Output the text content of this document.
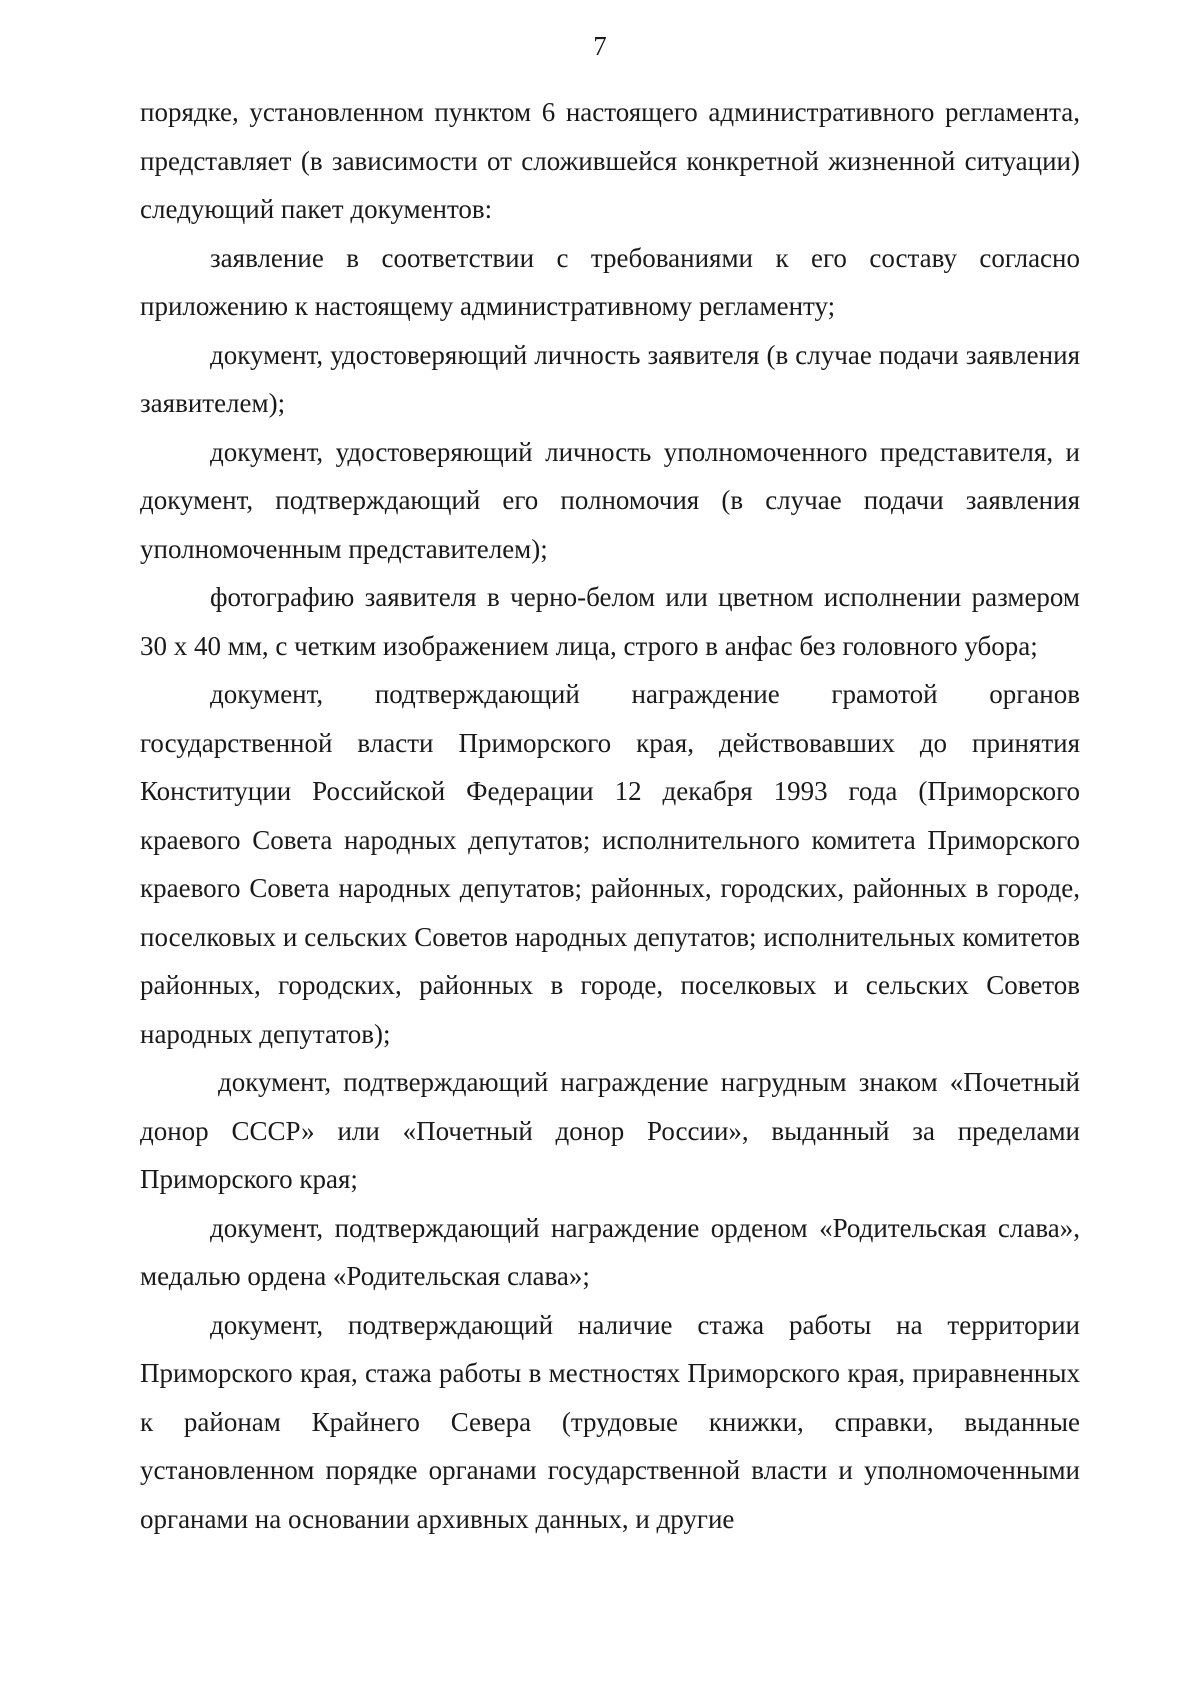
7

порядке, установленном пунктом 6 настоящего административного регламента, представляет (в зависимости от сложившейся конкретной жизненной ситуации) следующий пакет документов:

заявление в соответствии с требованиями к его составу согласно приложению к настоящему административному регламенту;

документ, удостоверяющий личность заявителя (в случае подачи заявления заявителем);

документ, удостоверяющий личность уполномоченного представителя, и документ, подтверждающий его полномочия (в случае подачи заявления уполномоченным представителем);

фотографию заявителя в черно-белом или цветном исполнении размером 30 х 40 мм, с четким изображением лица, строго в анфас без головного убора;

документ, подтверждающий награждение грамотой органов государственной власти Приморского края, действовавших до принятия Конституции Российской Федерации 12 декабря 1993 года (Приморского краевого Совета народных депутатов; исполнительного комитета Приморского краевого Совета народных депутатов; районных, городских, районных в городе, поселковых и сельских Советов народных депутатов; исполнительных комитетов районных, городских, районных в городе, поселковых и сельских Советов народных депутатов);

документ, подтверждающий награждение нагрудным знаком «Почетный донор СССР» или «Почетный донор России», выданный за пределами Приморского края;

документ, подтверждающий награждение орденом «Родительская слава», медалью ордена «Родительская слава»;

документ, подтверждающий наличие стажа работы на территории Приморского края, стажа работы в местностях Приморского края, приравненных к районам Крайнего Севера (трудовые книжки, справки, выданные установленном порядке органами государственной власти и уполномоченными органами на основании архивных данных, и другие
